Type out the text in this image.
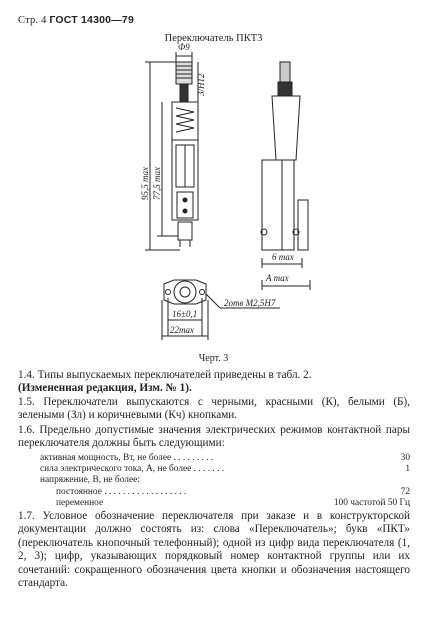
Стр. 4 ГОСТ 14300—79
Переключатель ПКТ3
Ф9
3/H12
95,5 max 77,5 max
6 max
A max
2отв М2,5Н7
16±0,1
22max
Черт. 3
1.4. Типы выпускаемых переключателей приведены в табл. 2.
(Измененная редакция, Изм. № 1).
1.5. Переключатели выпускаются с черными, красными (К), белыми (Б), зелеными (Зл) и коричневыми (Кч) кнопками.
1.6. Предельно допустимые значения электрических режимов контактной пары переключателя должны быть следующими:
активная мощность, Вт, не более . . . . . . . . .	30
сила электрического тока, А, не более . . . . . . .	1
напряжение, В, не более:
постоянное . . . . . . . . . . . . . . . . . .	72
переменное	100 частотой 50 Гц
1.7. Условное обозначение переключателя при заказе и в конструкторской документации должно состоять из: слова «Переключатель»; букв «ПКТ» (переключатель кнопочный телефонный); одной из цифр вида переключателя (1, 2, 3); цифр, указывающих порядковый номер контактной группы или их сочетаний: сокращенного обозначения цвета кнопки и обозначения настоящего стандарта.
